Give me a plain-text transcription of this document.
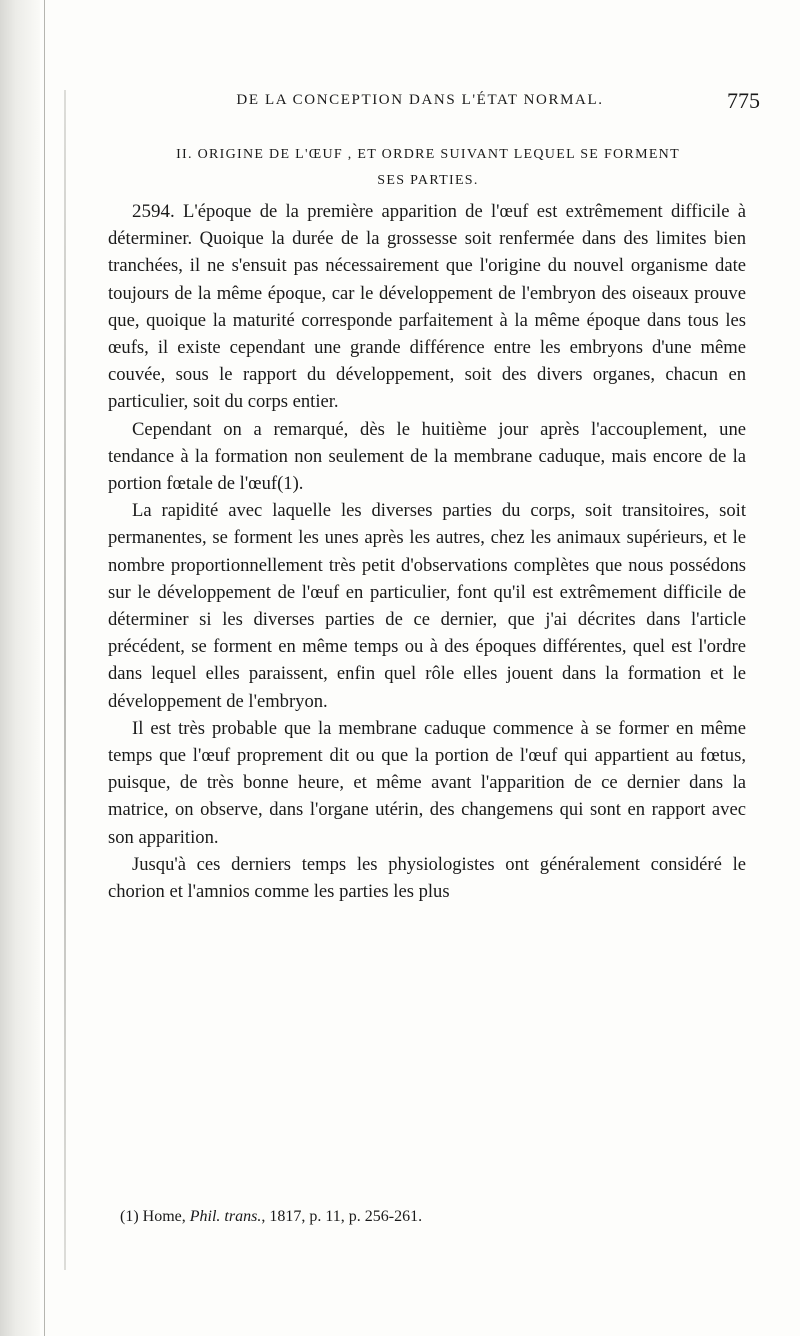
DE LA CONCEPTION DANS L'ÉTAT NORMAL.	775
II. ORIGINE DE L'ŒUF , ET ORDRE SUIVANT LEQUEL SE FORMENT
SES PARTIES.

2594. L'époque de la première apparition de l'œuf est extrêmement difficile à déterminer. Quoique la durée de la grossesse soit renfermée dans des limites bien tranchées, il ne s'ensuit pas nécessairement que l'origine du nouvel organisme date toujours de la même époque, car le développement de l'embryon des oiseaux prouve que, quoique la maturité corresponde parfaitement à la même époque dans tous les œufs, il existe cependant une grande différence entre les embryons d'une même couvée, sous le rapport du développement, soit des divers organes, chacun en particulier, soit du corps entier.

Cependant on a remarqué, dès le huitième jour après l'accouplement, une tendance à la formation non seulement de la membrane caduque, mais encore de la portion fœtale de l'œuf(1).

La rapidité avec laquelle les diverses parties du corps, soit transitoires, soit permanentes, se forment les unes après les autres, chez les animaux supérieurs, et le nombre proportionnellement très petit d'observations complètes que nous possédons sur le développement de l'œuf en particulier, font qu'il est extrêmement difficile de déterminer si les diverses parties de ce dernier, que j'ai décrites dans l'article précédent, se forment en même temps ou à des époques différentes, quel est l'ordre dans lequel elles paraissent, enfin quel rôle elles jouent dans la formation et le développement de l'embryon.

Il est très probable que la membrane caduque commence à se former en même temps que l'œuf proprement dit ou que la portion de l'œuf qui appartient au fœtus, puisque, de très bonne heure, et même avant l'apparition de ce dernier dans la matrice, on observe, dans l'organe utérin, des changemens qui sont en rapport avec son apparition.

Jusqu'à ces derniers temps les physiologistes ont généralement considéré le chorion et l'amnios comme les parties les plus

(1) Home, Phil. trans., 1817, p. 11, p. 256-261.
